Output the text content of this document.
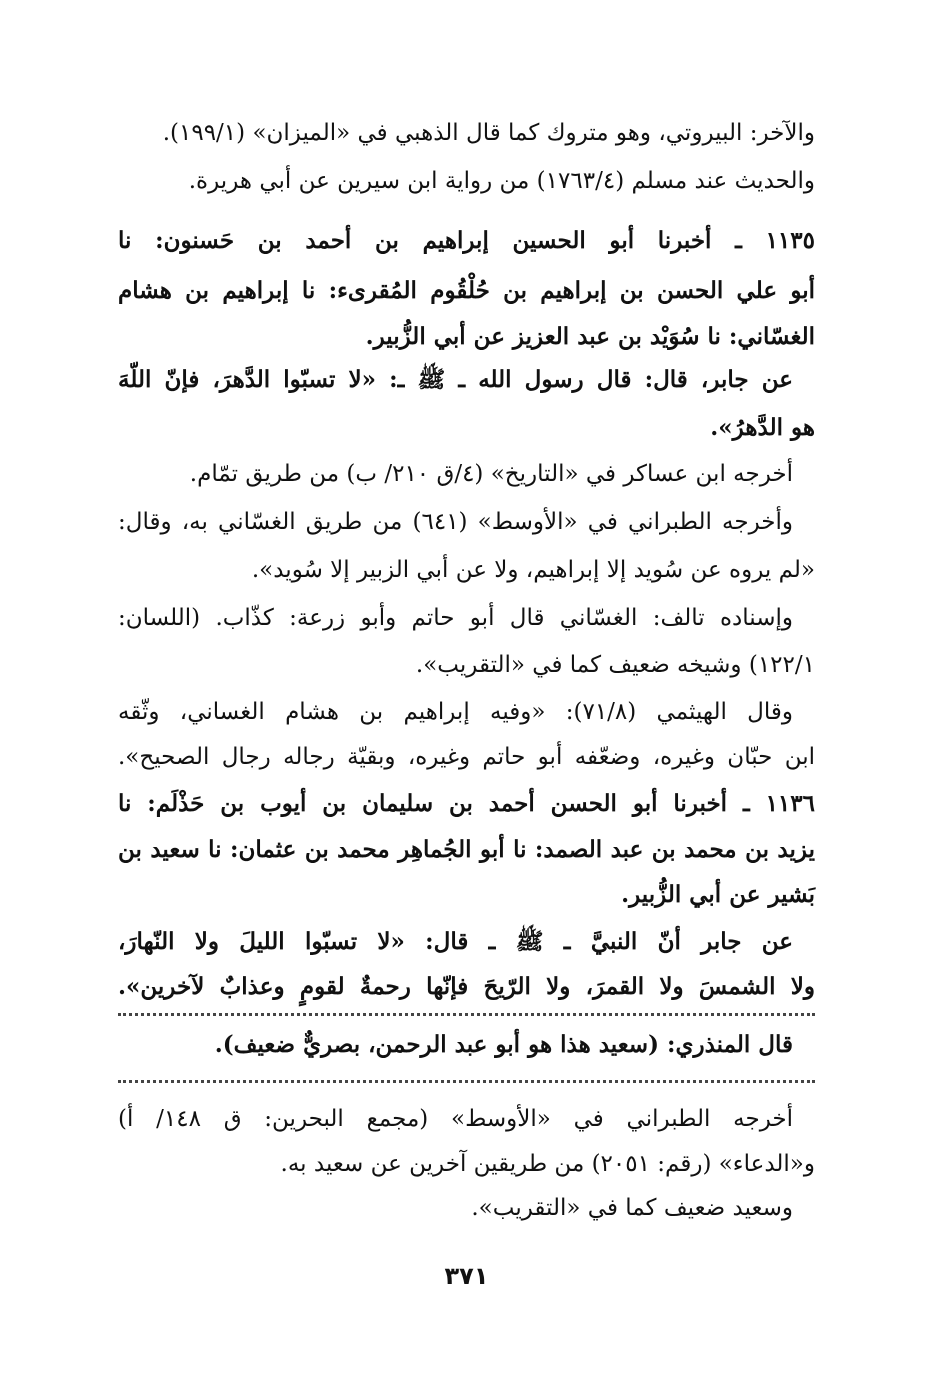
والآخر: البيروتي، وهو متروك كما قال الذهبي في «الميزان» (١٩٩/١).
والحديث عند مسلم (١٧٦٣/٤) من رواية ابن سيرين عن أبي هريرة.
١١٣٥ ـ أخبرنا أبو الحسين إبراهيم بن أحمد بن حَسنون: نا
أبو علي الحسن بن إبراهيم بن حُلْقُوم المُقرىء: نا إبراهيم بن هشام
الغسّاني: نا سُوَيْد بن عبد العزيز عن أبي الزُّبير.
عن جابر، قال: قال رسول الله ـ ﷺ ـ: «لا تسبّوا الدَّهرَ، فإنّ اللّهَ
هو الدَّهرُ».
أخرجه ابن عساكر في «التاريخ» (٤/ق ٢١٠/ ب) من طريق تمّام.
وأخرجه الطبراني في «الأوسط» (٦٤١) من طريق الغسّاني به، وقال:
«لم يروه عن سُويد إلا إبراهيم، ولا عن أبي الزبير إلا سُويد».
وإسناده تالف: الغسّاني قال أبو حاتم وأبو زرعة: كذّاب. (اللسان:
١٢٢/١) وشيخه ضعيف كما في «التقريب».
وقال الهيثمي (٧١/٨): «وفيه إبراهيم بن هشام الغساني، وثّقه
ابن حبّان وغيره، وضعّفه أبو حاتم وغيره، وبقيّة رجاله رجال الصحيح».
١١٣٦ ـ أخبرنا أبو الحسن أحمد بن سليمان بن أيوب بن حَذْلَم: نا
يزيد بن محمد بن عبد الصمد: نا أبو الجُماهِر محمد بن عثمان: نا سعيد بن
بَشير عن أبي الزُّبير.
عن جابر أنّ النبيَّ ـ ﷺ ـ قال: «لا تسبّوا الليلَ ولا النّهارَ،
ولا الشمسَ ولا القمرَ، ولا الرّيحَ فإنّها رحمةٌ لقومٍ وعذابٌ لآخرين».
قال المنذري: (سعيد هذا هو أبو عبد الرحمن، بصريٌّ ضعيف).
أخرجه الطبراني في «الأوسط» (مجمع البحرين: ق ١٤٨/ أ)
و«الدعاء» (رقم: ٢٠٥١) من طريقين آخرين عن سعيد به.
وسعيد ضعيف كما في «التقريب».
٣٧١
